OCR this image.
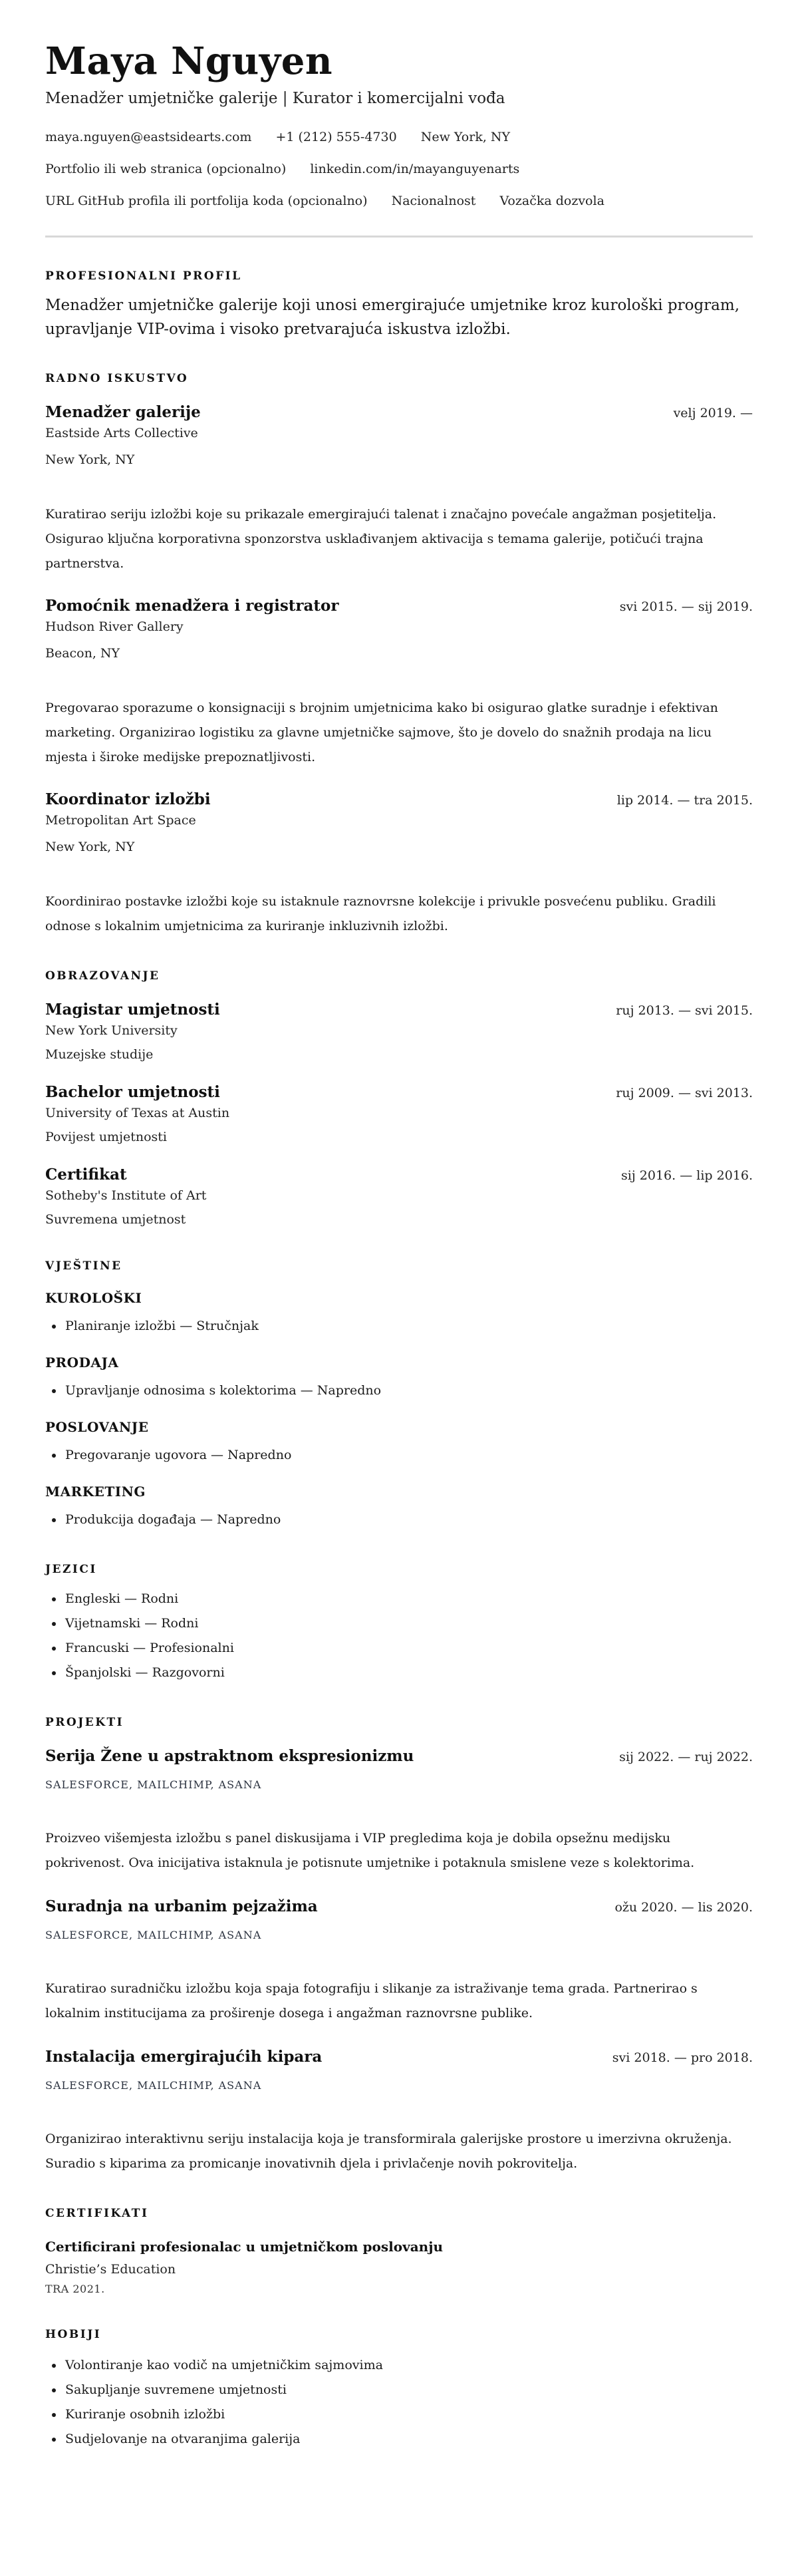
Maya Nguyen
Menadžer umjetničke galerije | Kurator i komercijalni vođa
maya.nguyen@eastsidearts.com +1 (212) 555-4730 New York, NY
Portfolio ili web stranica (opcionalno) linkedin.com/in/mayanguyenarts
URL GitHub profila ili portfolija koda (opcionalno) Nacionalnost Vozačka dozvola
PROFESIONALNI PROFIL

Menadžer umjetničke galerije koji unosi emergirajuće umjetnike kroz kurološki program, upravljanje VIP-ovima i visoko pretvarajuća iskustva izložbi.

RADNO ISKUSTVO
Menadžer galerije	velj 2019. —
Eastside Arts Collective
New York, NY
Kuratirao seriju izložbi koje su prikazale emergirajući talenat i značajno povećale angažman posjetitelja. Osigurao ključna korporativna sponzorstva usklađivanjem aktivacija s temama galerije, potičući trajna partnerstva.
Pomoćnik menadžera i registrator	svi 2015. — sij 2019.
Hudson River Gallery
Beacon, NY
Pregovarao sporazume o konsignaciji s brojnim umjetnicima kako bi osigurao glatke suradnje i efektivan marketing. Organizirao logistiku za glavne umjetničke sajmove, što je dovelo do snažnih prodaja na licu mjesta i široke medijske prepoznatljivosti.
Koordinator izložbi	lip 2014. — tra 2015.
Metropolitan Art Space
New York, NY
Koordinirao postavke izložbi koje su istaknule raznovrsne kolekcije i privukle posvećenu publiku. Gradili odnose s lokalnim umjetnicima za kuriranje inkluzivnih izložbi.
OBRAZOVANJE
Magistar umjetnosti	ruj 2013. — svi 2015.
New York University
Muzejske studije
Bachelor umjetnosti	ruj 2009. — svi 2013.
University of Texas at Austin
Povijest umjetnosti
Certifikat	sij 2016. — lip 2016.
Sotheby's Institute of Art
Suvremena umjetnost
VJEŠTINE
KUROLOŠKI
• Planiranje izložbi — Stručnjak
PRODAJA
• Upravljanje odnosima s kolektorima — Napredno
POSLOVANJE
• Pregovaranje ugovora — Napredno
MARKETING
• Produkcija događaja — Napredno
JEZICI
• Engleski — Rodni
• Vijetnamski — Rodni
• Francuski — Profesionalni
• Španjolski — Razgovorni
PROJEKTI
Serija Žene u apstraktnom ekspresionizmu	sij 2022. — ruj 2022.
SALESFORCE, MAILCHIMP, ASANA
Proizveo višemjesta izložbu s panel diskusijama i VIP pregledima koja je dobila opsežnu medijsku pokrivenost. Ova inicijativa istaknula je potisnute umjetnike i potaknula smislene veze s kolektorima.
Suradnja na urbanim pejzažima	ožu 2020. — lis 2020.
SALESFORCE, MAILCHIMP, ASANA
Kuratirao suradničku izložbu koja spaja fotografiju i slikanje za istraživanje tema grada. Partnerirao s lokalnim institucijama za proširenje dosega i angažman raznovrsne publike.
Instalacija emergirajućih kipara	svi 2018. — pro 2018.
SALESFORCE, MAILCHIMP, ASANA
Organizirao interaktivnu seriju instalacija koja je transformirala galerijske prostore u imerzivna okruženja. Suradio s kiparima za promicanje inovativnih djela i privlačenje novih pokrovitelja.
CERTIFIKATI
Certificirani profesionalac u umjetničkom poslovanju
Christie’s Education
TRA 2021.
HOBIJI
• Volontiranje kao vodič na umjetničkim sajmovima
• Sakupljanje suvremene umjetnosti
• Kuriranje osobnih izložbi
• Sudjelovanje na otvaranjima galerija
